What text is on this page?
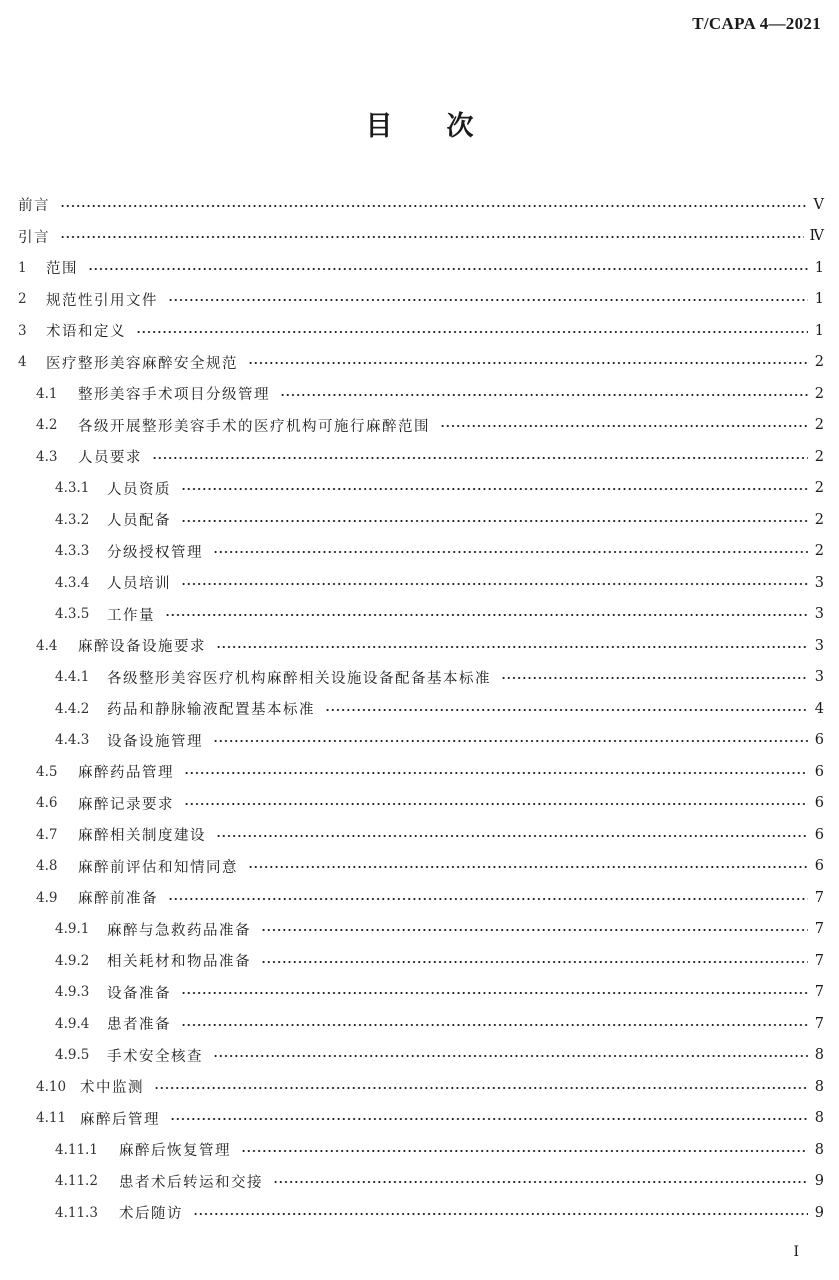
T/CAPA 4—2021
目次
前言	Ⅴ
引言	Ⅳ
1	范围	1
2	规范性引用文件	1
3	术语和定义	1
4	医疗整形美容麻醉安全规范	2
4.1	整形美容手术项目分级管理	2
4.2	各级开展整形美容手术的医疗机构可施行麻醉范围	2
4.3	人员要求	2
4.3.1	人员资质	2
4.3.2	人员配备	2
4.3.3	分级授权管理	2
4.3.4	人员培训	3
4.3.5	工作量	3
4.4	麻醉设备设施要求	3
4.4.1	各级整形美容医疗机构麻醉相关设施设备配备基本标准	3
4.4.2	药品和静脉输液配置基本标准	4
4.4.3	设备设施管理	6
4.5	麻醉药品管理	6
4.6	麻醉记录要求	6
4.7	麻醉相关制度建设	6
4.8	麻醉前评估和知情同意	6
4.9	麻醉前准备	7
4.9.1	麻醉与急救药品准备	7
4.9.2	相关耗材和物品准备	7
4.9.3	设备准备	7
4.9.4	患者准备	7
4.9.5	手术安全核查	8
4.10 术中监测	8
4.11 麻醉后管理	8
4.11.1	麻醉后恢复管理	8
4.11.2	患者术后转运和交接	9
4.11.3	术后随访	9
I
